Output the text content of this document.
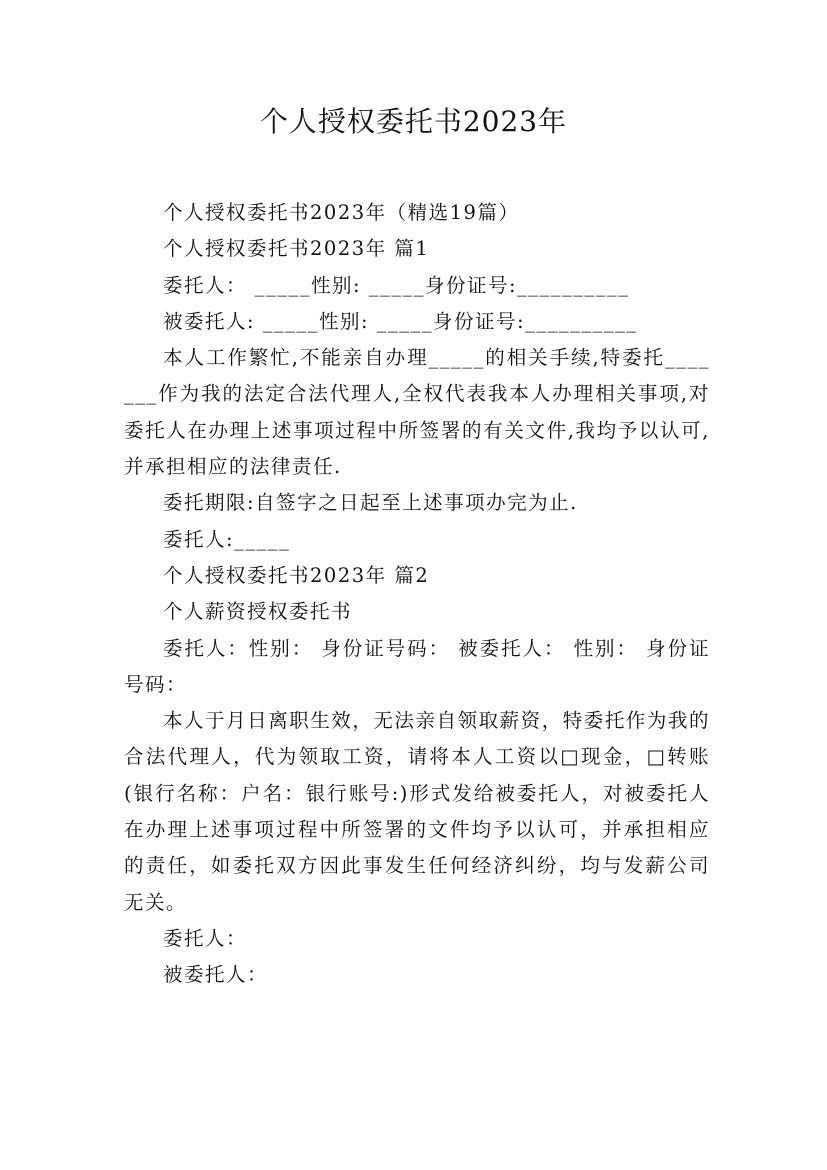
个人授权委托书2023年

个人授权委托书2023年（精选19篇）

个人授权委托书2023年 篇1

委托人： _____性别: _____身份证号:__________

被委托人: _____性别: _____身份证号:__________

本人工作繁忙,不能亲自办理_____的相关手续,特委托_______作为我的法定合法代理人,全权代表我本人办理相关事项,对委托人在办理上述事项过程中所签署的有关文件,我均予以认可,并承担相应的法律责任.

委托期限:自签字之日起至上述事项办完为止.

委托人:_____

个人授权委托书2023年 篇2

个人薪资授权委托书

委托人：性别： 身份证号码： 被委托人： 性别： 身份证号码：

本人于月日离职生效，无法亲自领取薪资，特委托作为我的合法代理人，代为领取工资，请将本人工资以□现金，□转账(银行名称：户名：银行账号:)形式发给被委托人，对被委托人在办理上述事项过程中所签署的文件均予以认可，并承担相应的责任，如委托双方因此事发生任何经济纠纷，均与发薪公司无关。

委托人：

被委托人：
